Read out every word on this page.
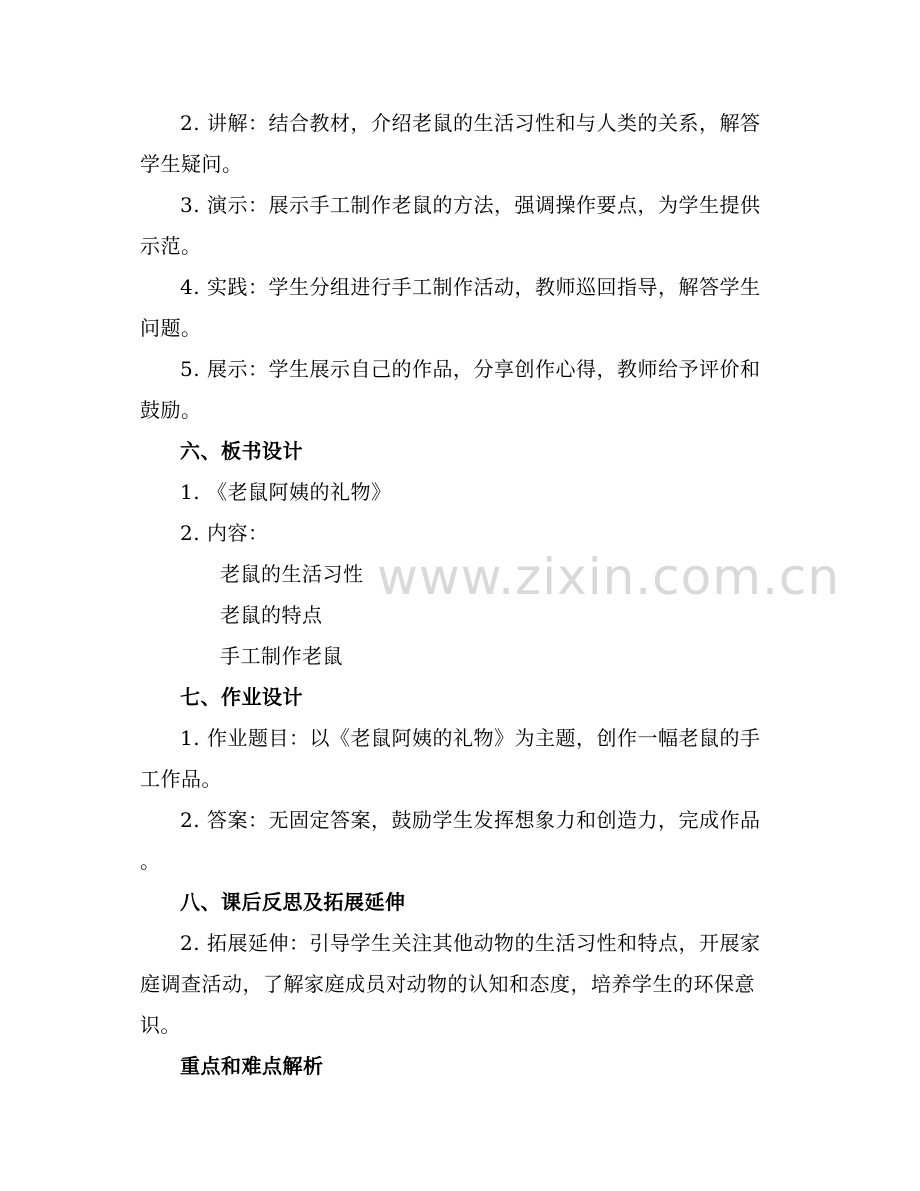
www.zixin.com.cn
2. 讲解：结合教材，介绍老鼠的生活习性和与人类的关系，解答学生疑问。
3. 演示：展示手工制作老鼠的方法，强调操作要点，为学生提供示范。
4. 实践：学生分组进行手工制作活动，教师巡回指导，解答学生问题。
5. 展示：学生展示自己的作品，分享创作心得，教师给予评价和鼓励。
六、板书设计
1. 《老鼠阿姨的礼物》
2. 内容：
老鼠的生活习性
老鼠的特点
手工制作老鼠
七、作业设计
1. 作业题目：以《老鼠阿姨的礼物》为主题，创作一幅老鼠的手工作品。
2. 答案：无固定答案，鼓励学生发挥想象力和创造力，完成作品
。
八、课后反思及拓展延伸
2. 拓展延伸：引导学生关注其他动物的生活习性和特点，开展家庭调查活动，了解家庭成员对动物的认知和态度，培养学生的环保意识。
重点和难点解析
